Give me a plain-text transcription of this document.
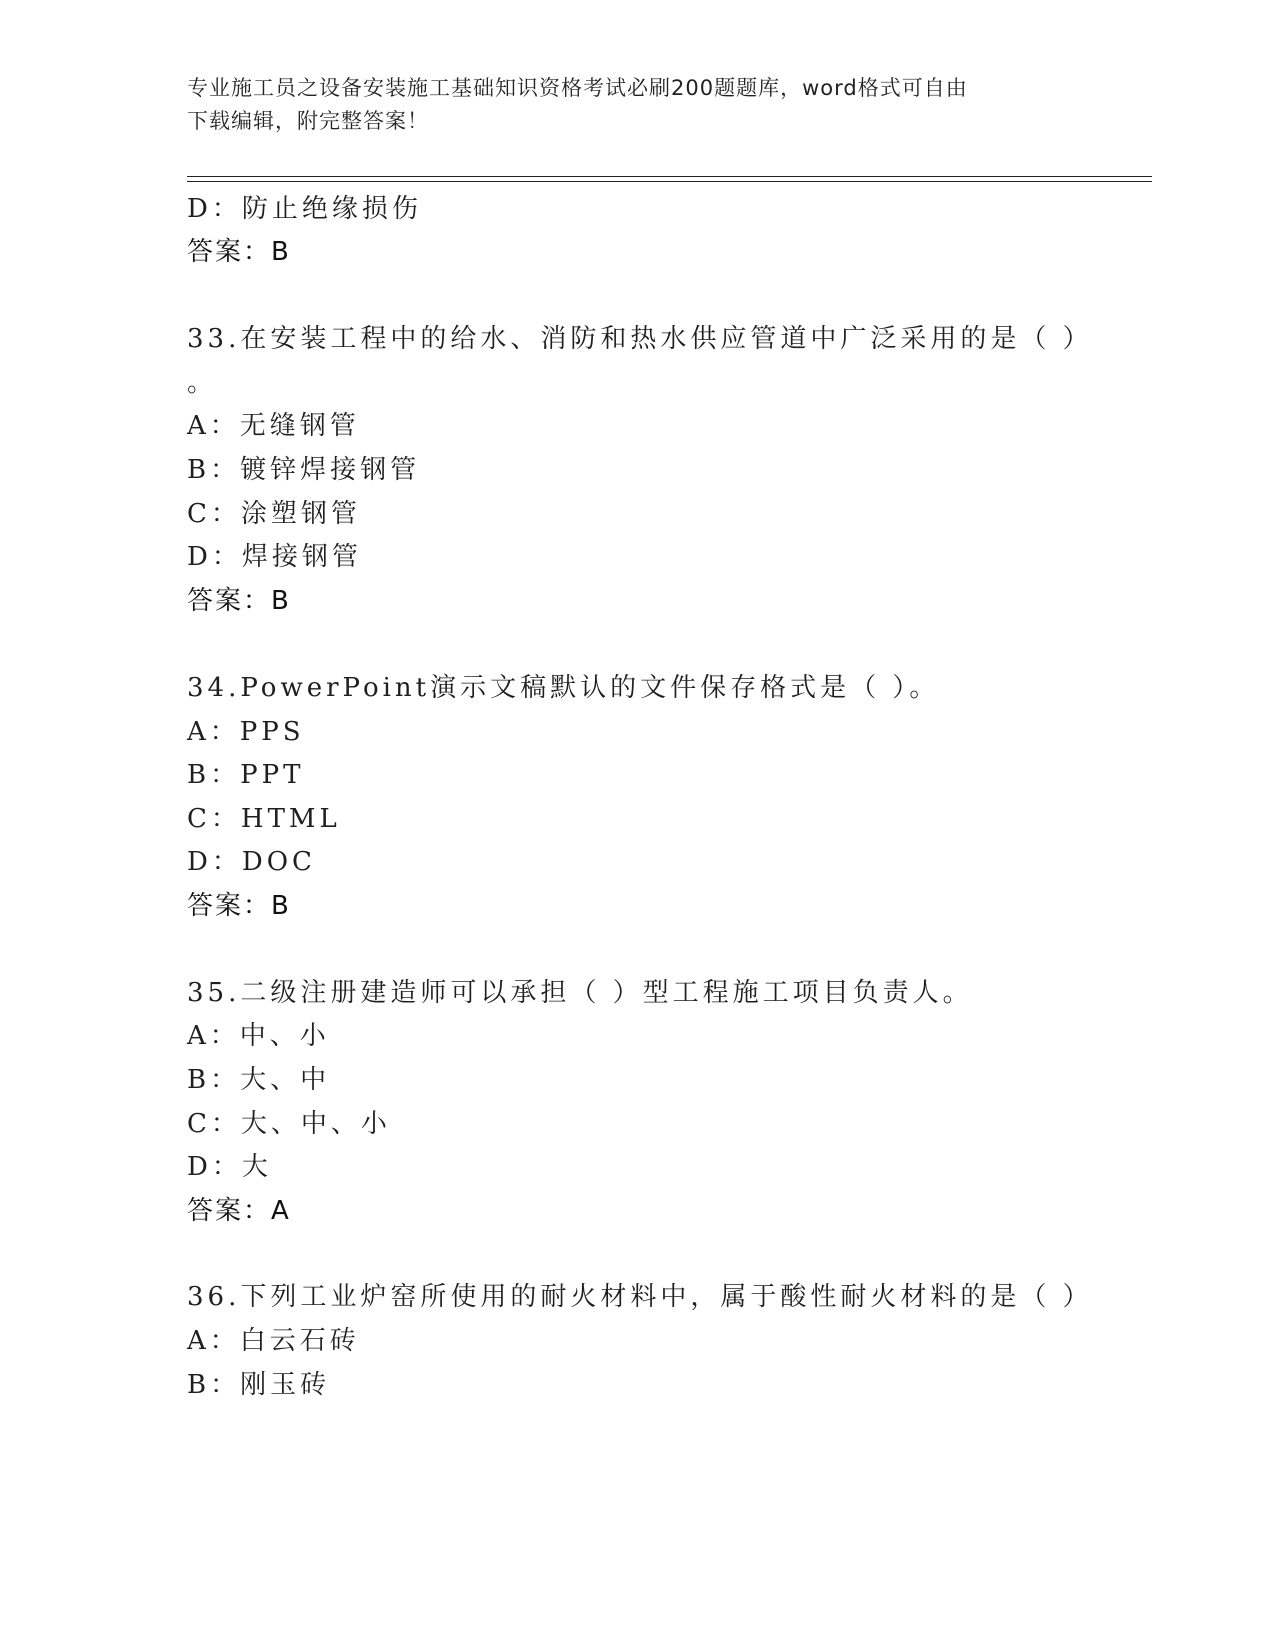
专业施工员之设备安装施工基础知识资格考试必刷200题题库，word格式可自由
下载编辑，附完整答案！
D：防止绝缘损伤
答案：B
33.在安装工程中的给水、消防和热水供应管道中广泛采用的是（ ）
。
A：无缝钢管
B：镀锌焊接钢管
C：涂塑钢管
D：焊接钢管
答案：B
34.PowerPoint演示文稿默认的文件保存格式是（ ）。
A：PPS
B：PPT
C：HTML
D：DOC
答案：B
35.二级注册建造师可以承担（ ）型工程施工项目负责人。
A：中、小
B：大、中
C：大、中、小
D：大
答案：A
36.下列工业炉窑所使用的耐火材料中，属于酸性耐火材料的是（ ）
A：白云石砖
B：刚玉砖
